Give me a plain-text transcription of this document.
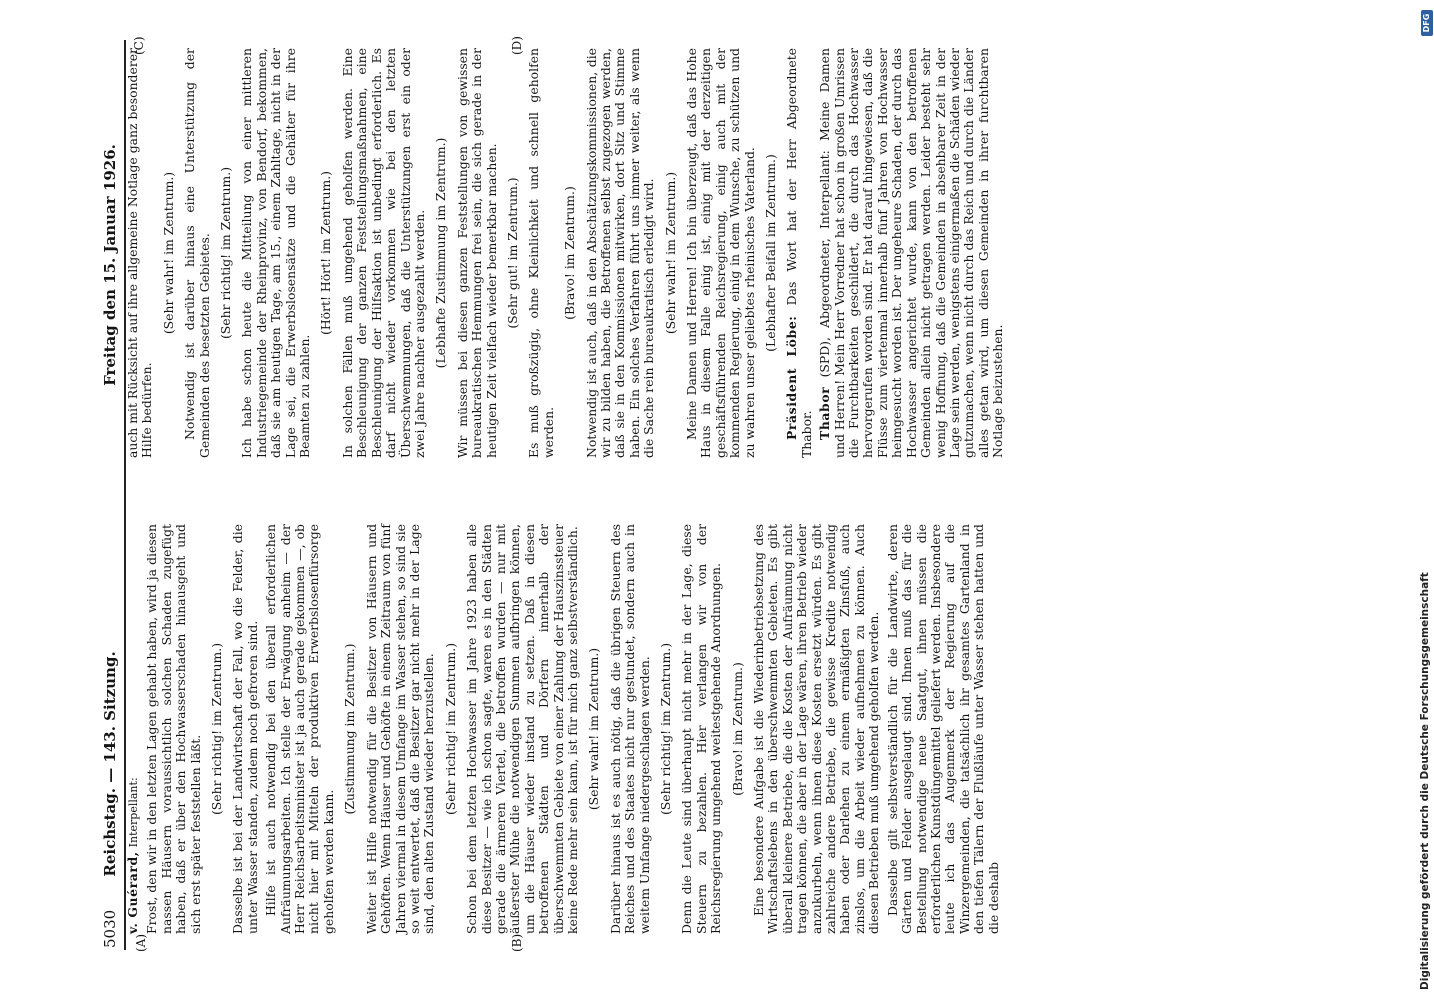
5030 Reichstag. — 143. Sitzung.
Freitag den 15. Januar 1926.
(A)	(B)
(C)	(D)

v. Guérard, Interpellant: Frost, den wir in den letzten Lagen gehabt haben, wird ja diesen nassen Häusern voraussichtlich solchen Schaden zugefügt haben, daß er über den Hochwasserschaden hinausgeht und sich erst später feststellen läßt.

(Sehr richtig! im Zentrum.) Dasselbe ist bei der Landwirtschaft der Fall, wo die Felder, die unter Wasser standen, zudem noch gefroren sind. Hilfe ist auch notwendig bei den überall erforderlichen Aufräumungsarbeiten. Ich stelle der Erwägung anheim — der Herr Reichsarbeitsminister ist ja auch gerade gekommen —, ob nicht hier mit Mitteln der produktiven Erwerbslosenfürsorge geholfen werden kann.

(Zustimmung im Zentrum.) Weiter ist Hilfe notwendig für die Besitzer von Häusern und Gehöften. Wenn Häuser und Gehöfte in einem Zeitraum von fünf Jahren viermal in diesem Umfange im Wasser stehen, so sind sie so weit entwertet, daß die Besitzer gar nicht mehr in der Lage sind, den alten Zustand wieder herzustellen. (Sehr richtig! im Zentrum.) Schon bei dem letzten Hochwasser im Jahre 1923 haben alle diese Besitzer — wie ich schon sagte, waren es in den Städten gerade die ärmeren Viertel, die betroffen wurden — nur mit äußerster Mühe die notwendigen Summen aufbringen können, um die Häuser wieder instand zu setzen. Daß in diesen betroffenen Städten und Dörfern innerhalb der überschwemmten Gebiete von einer Zahlung der Hauszinssteuer keine Rede mehr sein kann, ist für mich ganz selbstverständlich. (Sehr wahr! im Zentrum.) Darüber hinaus ist es auch nötig, daß die übrigen Steuern des Reiches und des Staates nicht nur gestundet, sondern auch in weitem Umfange niedergeschlagen werden. (Sehr richtig! im Zentrum.) Denn die Leute sind überhaupt nicht mehr in der Lage, diese Steuern zu bezahlen. Hier verlangen wir von der Reichsregierung umgehend weitestgehende Anordnungen. (Bravo! im Zentrum.) Eine besondere Aufgabe ist die Wiederinbetriebsetzung des Wirtschaftslebens in den überschwemmten Gebieten. Es gibt überall kleinere Betriebe, die die Kosten der Aufräumung nicht tragen können, die aber in der Lage wären, ihren Betrieb wieder anzukurbeln, wenn ihnen diese Kosten ersetzt würden. Es gibt zahlreiche andere Betriebe, die gewisse Kredite notwendig haben oder Darlehen zu einem ermäßigten Zinsfuß, auch zinslos, um die Arbeit wieder aufnehmen zu können. Auch diesen Betrieben muß umgehend geholfen werden. Dasselbe gilt selbstverständlich für die Landwirte, deren Gärten und Felder ausgelaugt sind. Ihnen muß das für die Bestellung notwendige neue Saatgut, ihnen müssen die erforderlichen Kunstdüngemittel geliefert werden. Insbesondere leute ich das Augenmerk der Regierung auf die Winzergemeinden, die tatsächlich ihr gesamtes Gartenland in den tiefen Tälern der Flußläufe unter Wasser stehen hatten und die deshalb

auch mit Rücksicht auf ihre allgemeine Notlage ganz besonderer Hilfe bedürfen.

(Sehr wahr! im Zentrum.) Notwendig ist darüber hinaus eine Unterstützung der Gemeinden des besetzten Gebietes. (Sehr richtig! im Zentrum.) Ich habe schon heute die Mitteilung von einer mittleren Industriegemeinde der Rheinprovinz, von Bendorf, bekommen, daß sie am heutigen Tage, am 15., einem Zahltage, nicht in der Lage sei, die Erwerbslosensätze und die Gehälter für ihre Beamten zu zahlen.

(Hört! Hört! im Zentrum.) In solchen Fällen muß umgehend geholfen werden. Eine Beschleunigung der ganzen Feststellungsmaßnahmen, eine Beschleunigung der Hilfsaktion ist unbedingt erforderlich. Es darf nicht wieder vorkommen wie bei den letzten Überschwemmungen, daß die Unterstützungen erst ein oder zwei Jahre nachher ausgezahlt werden. (Lebhafte Zustimmung im Zentrum.) Wir müssen bei diesen ganzen Feststellungen von gewissen bureaukratischen Hemmungen frei sein, die sich gerade in der heutigen Zeit vielfach wieder bemerkbar machen. (Sehr gut! im Zentrum.) Es muß großzügig, ohne Kleinlichkeit und schnell geholfen werden.

(Bravo! im Zentrum.) Notwendig ist auch, daß in den Abschätzungskommissionen, die wir zu bilden haben, die Betroffenen selbst zugezogen werden, daß sie in den Kommissionen mitwirken, dort Sitz und Stimme haben. Ein solches Verfahren führt uns immer weiter, als wenn die Sache rein bureaukratisch erledigt wird. (Sehr wahr! im Zentrum.) Meine Damen und Herren! Ich bin überzeugt, daß das Hohe Haus in diesem Falle einig ist, einig mit der derzeitigen geschäftsführenden Reichsregierung, einig auch mit der kommenden Regierung, einig in dem Wunsche, zu schützen und zu wahren unser geliebtes rheinisches Vaterland. (Lebhafter Beifall im Zentrum.)

Präsident Löbe: Das Wort hat der Herr Abgeordnete Thabor. Thabor (SPD), Abgeordneter, Interpellant: Meine Damen und Herren! Mein Herr Vorredner hat schon in großen Umrissen die Furchtbarkeiten geschildert, die durch das Hochwasser hervorgerufen worden sind. Er hat darauf hingewiesen, daß die Flüsse zum viertenmal innerhalb fünf Jahren von Hochwasser heimgesucht worden ist. Der ungeheure Schaden, der durch das Hochwasser angerichtet wurde, kann von den betroffenen Gemeinden allein nicht getragen werden. Leider besteht sehr wenig Hoffnung, daß die Gemeinden in absehbarer Zeit in der Lage sein werden, wenigstens einigermaßen die Schäden wieder gutzumachen, wenn nicht durch das Reich und durch die Länder alles getan wird, um diesen Gemeinden in ihrer furchtbaren Notlage beizustehen.

DFG
Digitalisierung gefördert durch die Deutsche Forschungsgemeinschaft
